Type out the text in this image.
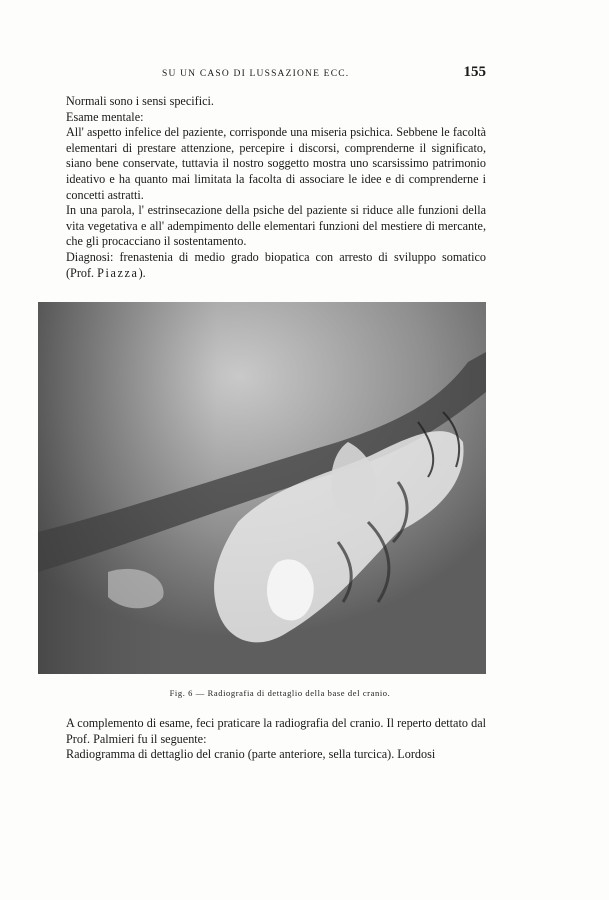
SU UN CASO DI LUSSAZIONE ECC.	155

Normali sono i sensi specifici.

Esame mentale:

All' aspetto infelice del paziente, corrisponde una miseria psichica. Sebbene le facoltà elementari di prestare attenzione, percepire i discorsi, comprenderne il significato, siano bene conservate, tuttavia il nostro soggetto mostra uno scarsissimo patrimonio ideativo e ha quanto mai limitata la facolta di associare le idee e di comprenderne i concetti astratti.

In una parola, l' estrinsecazione della psiche del paziente si riduce alle funzioni della vita vegetativa e all' adempimento delle elementari funzioni del mestiere di mercante, che gli procacciano il sostentamento.

Diagnosi: frenastenia di medio grado biopatica con arresto di sviluppo somatico (Prof. Piazza).

Fig. 6 — Radiografia di dettaglio della base del cranio.

A complemento di esame, feci praticare la radiografia del cranio. Il reperto dettato dal Prof. Palmieri fu il seguente:

Radiogramma di dettaglio del cranio (parte anteriore, sella turcica). Lordosi
